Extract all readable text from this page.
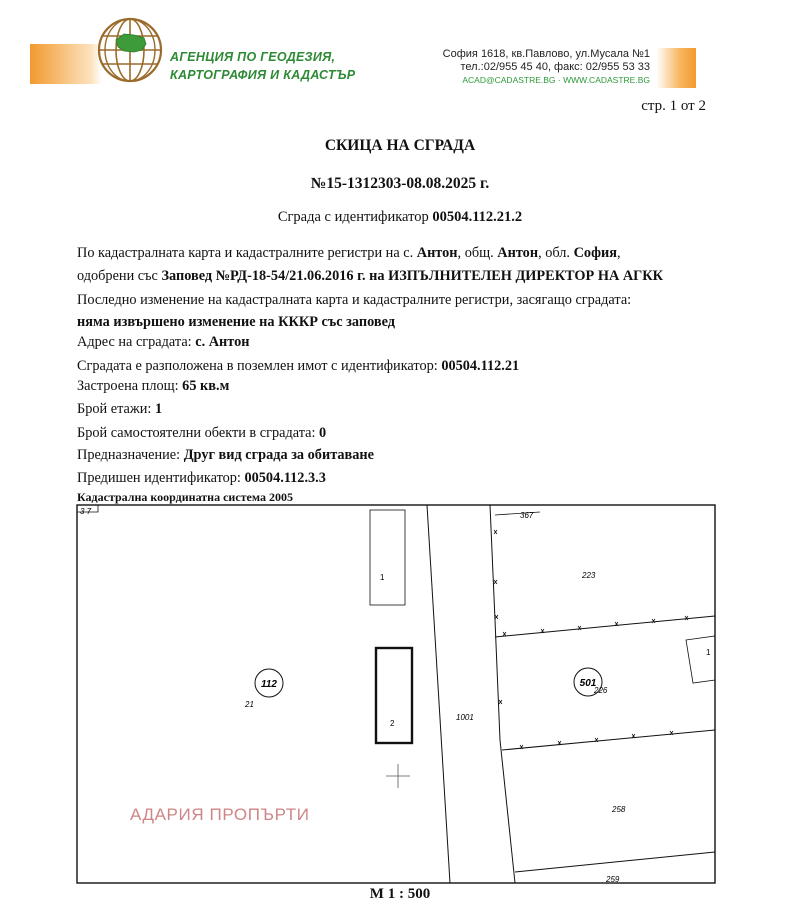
АГЕНЦИЯ ПО ГЕОДЕЗИЯ,
КАРТОГРАФИЯ И КАДАСТЪР
София 1618, кв.Павлово, ул.Мусала №1
тел.:02/955 45 40, факс: 02/955 53 33
ACAD@CADASTRE.BG · WWW.CADASTRE.BG
стр. 1 от 2
СКИЦА НА СГРАДА
№15-1312303-08.08.2025 г.
Сграда с идентификатор 00504.112.21.2
По кадастралната карта и кадастралните регистри на с. Антон, общ. Антон, обл. София,
одобрени със Заповед №РД-18-54/21.06.2016 г. на ИЗПЪЛНИТЕЛЕН ДИРЕКТОР НА АГКК
Последно изменение на кадастралната карта и кадастралните регистри, засягащо сградата:
няма извършено изменение на КККР със заповед
Адрес на сградата: с. Антон
Сградата е разположена в поземлен имот с идентификатор: 00504.112.21
Застроена площ: 65 кв.м
Брой етажи: 1
Брой самостоятелни обекти в сградата: 0
Предназначение: Друг вид сграда за обитаване
Предишен идентификатор: 00504.112.3.3
Кадастрална координатна система 2005
3 7
1
2
1
112
21
501
226
1001
367
223
258
259
АДАРИЯ ПРОПЪРТИ
М 1 : 500
